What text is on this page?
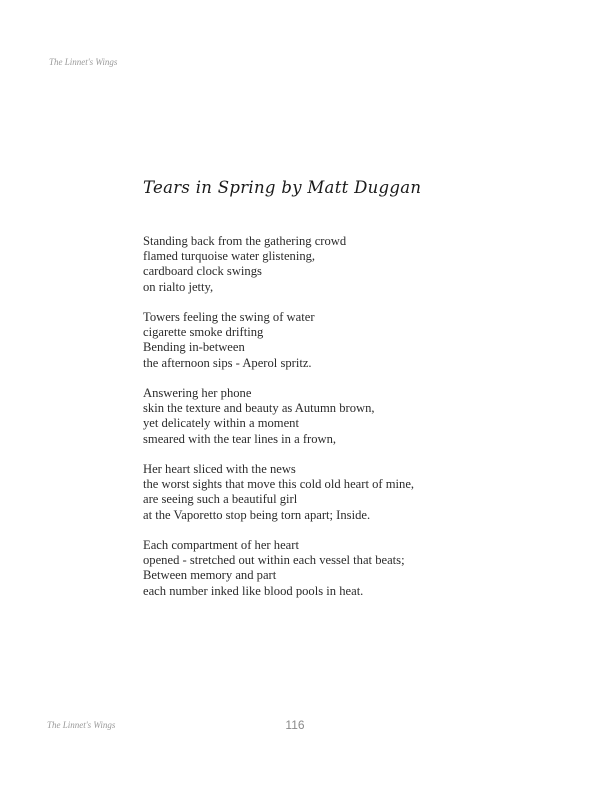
The Linnet's Wings
Tears in Spring by Matt Duggan
Standing back from the gathering crowd
flamed turquoise water glistening,
cardboard clock swings
on rialto jetty,
Towers feeling the swing of water
cigarette smoke drifting
Bending in-between
the afternoon sips - Aperol spritz.
Answering her phone
skin the texture and beauty as Autumn brown,
yet delicately within a moment
smeared with the tear lines in a frown,
Her heart sliced with the news
the worst sights that move this cold old heart of mine,
are seeing such a beautiful girl
at the Vaporetto stop being torn apart; Inside.
Each compartment of her heart
opened - stretched out within each vessel that beats;
Between memory and part
each number inked like blood pools in heat.
The Linnet's Wings	116
